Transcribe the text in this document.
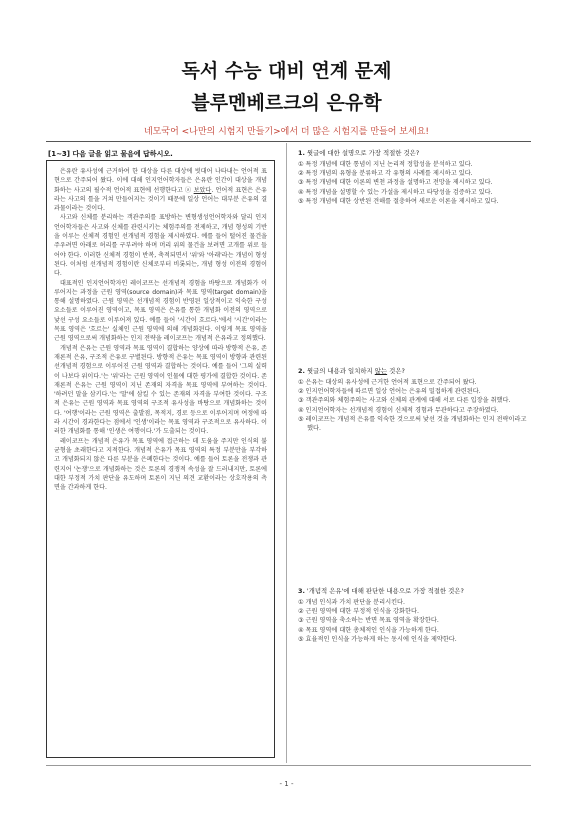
독서 수능 대비 연계 문제
블루멘베르크의 은유학
네모국어 <나만의 시험지 만들기>에서 더 많은 시험지를 만들어 보세요!
[1~3] 다음 글을 읽고 물음에 답하시오.

은유란 유사성에 근거하여 한 대상을 다른 대상에 빗대어 나타내는 언어적 표현으로 간주되어 왔다. 이에 대해 인지언어학자들은 은유란 인간이 대상을 개념화하는 사고의 필수적 언어적 표현에 선행한다고 ⓐ 보았다. 언어적 표현은 은유라는 사고의 틀을 거쳐 만들어지는 것이기 때문에 일상 언어는 대부분 은유의 결과물이라는 것이다.

사고와 신체를 분리하는 객관주의를 표방하는 변형생성언어학자와 달리 인지언어학자들은 사고와 신체를 관련시키는 체험주의를 전제하고, 개념 형성의 기반을 이루는 신체적 경험인 선개념적 경험을 제시하였다. 예를 들어 떨어진 물건을 주우려면 아래로 허리를 구부려야 하며 머리 위의 물건을 보려면 고개를 위로 들어야 한다. 이러한 신체적 경험이 반복, 축적되면서 '위'와 '아래'라는 개념이 형성된다. 이처럼 선개념적 경험이란 신체로부터 비롯되는, 개념 형성 이전의 경험이다.

대표적인 인지언어학자인 레이코프는 선개념적 경험을 바탕으로 개념화가 이루어지는 과정을 근원 영역(source domain)과 목표 영역(target domain)을 통해 설명하였다. 근원 영역은 선개념적 경험이 반영된 일상적이고 익숙한 구성 요소들로 이루어진 영역이고, 목표 영역은 은유를 통한 개념화 이전의 영역으로 낯선 구성 요소들로 이루어져 있다. 예를 들어 '시간이 흐르다.'에서 '시간'이라는 목표 영역은 '흐르는' 실체인 근원 영역에 의해 개념화된다. 이렇게 목표 영역을 근원 영역으로써 개념화하는 인지 전략을 레이코프는 개념적 은유라고 정의했다.

개념적 은유는 근원 영역과 목표 영역이 결합하는 양상에 따라 방향적 은유, 존재론적 은유, 구조적 은유로 구별된다. 방향적 은유는 목표 영역이 방향과 관련된 선개념적 경험으로 이루어진 근원 영역과 결합하는 것이다. 예를 들어 '그의 실력이 나보다 위이다.'는 '위'라는 근원 영역이 인물에 대한 평가에 결합한 것이다. 존재론적 은유는 근원 영역이 지닌 존재의 자격을 목표 영역에 부여하는 것이다. '하려던 말을 삼키다.'는 '말'에 삼킬 수 있는 존재의 자격을 부여한 것이다. 구조적 은유는 근원 영역과 목표 영역의 구조적 유사성을 바탕으로 개념화하는 것이다. '여행'이라는 근원 영역은 출발점, 목적지, 경로 등으로 이루어지며 여정에 따라 시간이 경과한다는 점에서 '인생'이라는 목표 영역과 구조적으로 유사하다. 이러한 개념화를 통해 '인생은 여행이다.'가 도출되는 것이다.

레이코프는 개념적 은유가 목표 영역에 접근하는 데 도움을 주지만 인식의 불균형을 초래한다고 지적한다. 개념적 은유가 목표 영역의 특정 부분만을 부각하고 개념화되지 않은 다른 부분을 은폐한다는 것이다. 예를 들어 토론을 전쟁과 관련지어 '논쟁'으로 개념화하는 것은 토론의 경쟁적 속성을 잘 드러내지만, 토론에 대한 부정적 가치 판단을 유도하며 토론이 지닌 의견 교환이라는 상호작용의 측면을 간과하게 한다.

1. 윗글에 대한 설명으로 가장 적절한 것은?
① 특정 개념에 대한 통념이 지닌 논리적 정합성을 분석하고 있다.
② 특정 개념의 유형을 분류하고 각 유형의 사례를 제시하고 있다.
③ 특정 개념에 대한 이론의 변천 과정을 설명하고 전망을 제시하고 있다.
④ 특정 개념을 설명할 수 있는 가설을 제시하고 타당성을 검증하고 있다.
⑤ 특정 개념에 대한 상반된 견해를 절충하여 새로운 이론을 제시하고 있다.
2. 윗글의 내용과 일치하지 않는 것은?
① 은유는 대상의 유사성에 근거한 언어적 표현으로 간주되어 왔다.
② 인지언어학자들에 따르면 일상 언어는 은유의 밀접하게 관련된다.
③ 객관주의와 체험주의는 사고와 신체의 관계에 대해 서로 다른 입장을 취했다.
④ 인지언어학자는 선개념적 경험이 신체적 경험과 무관하다고 주장하였다.
⑤ 레이코프는 개념적 은유를 익숙한 것으로써 낯선 것을 개념화하는 인지 전략이라고 했다.
3. '개념적 은유'에 대해 판단한 내용으로 가장 적절한 것은?
① 개념 인식과 가치 판단을 분리시킨다.
② 근원 영역에 대한 부정적 인식을 강화한다.
③ 근원 영역을 축소하는 반면 목표 영역을 확장한다.
④ 목표 영역에 대한 총체적인 인식을 가능하게 한다.
⑤ 효율적인 인식을 가능하게 하는 동시에 인식을 제약한다.
- 1 -
